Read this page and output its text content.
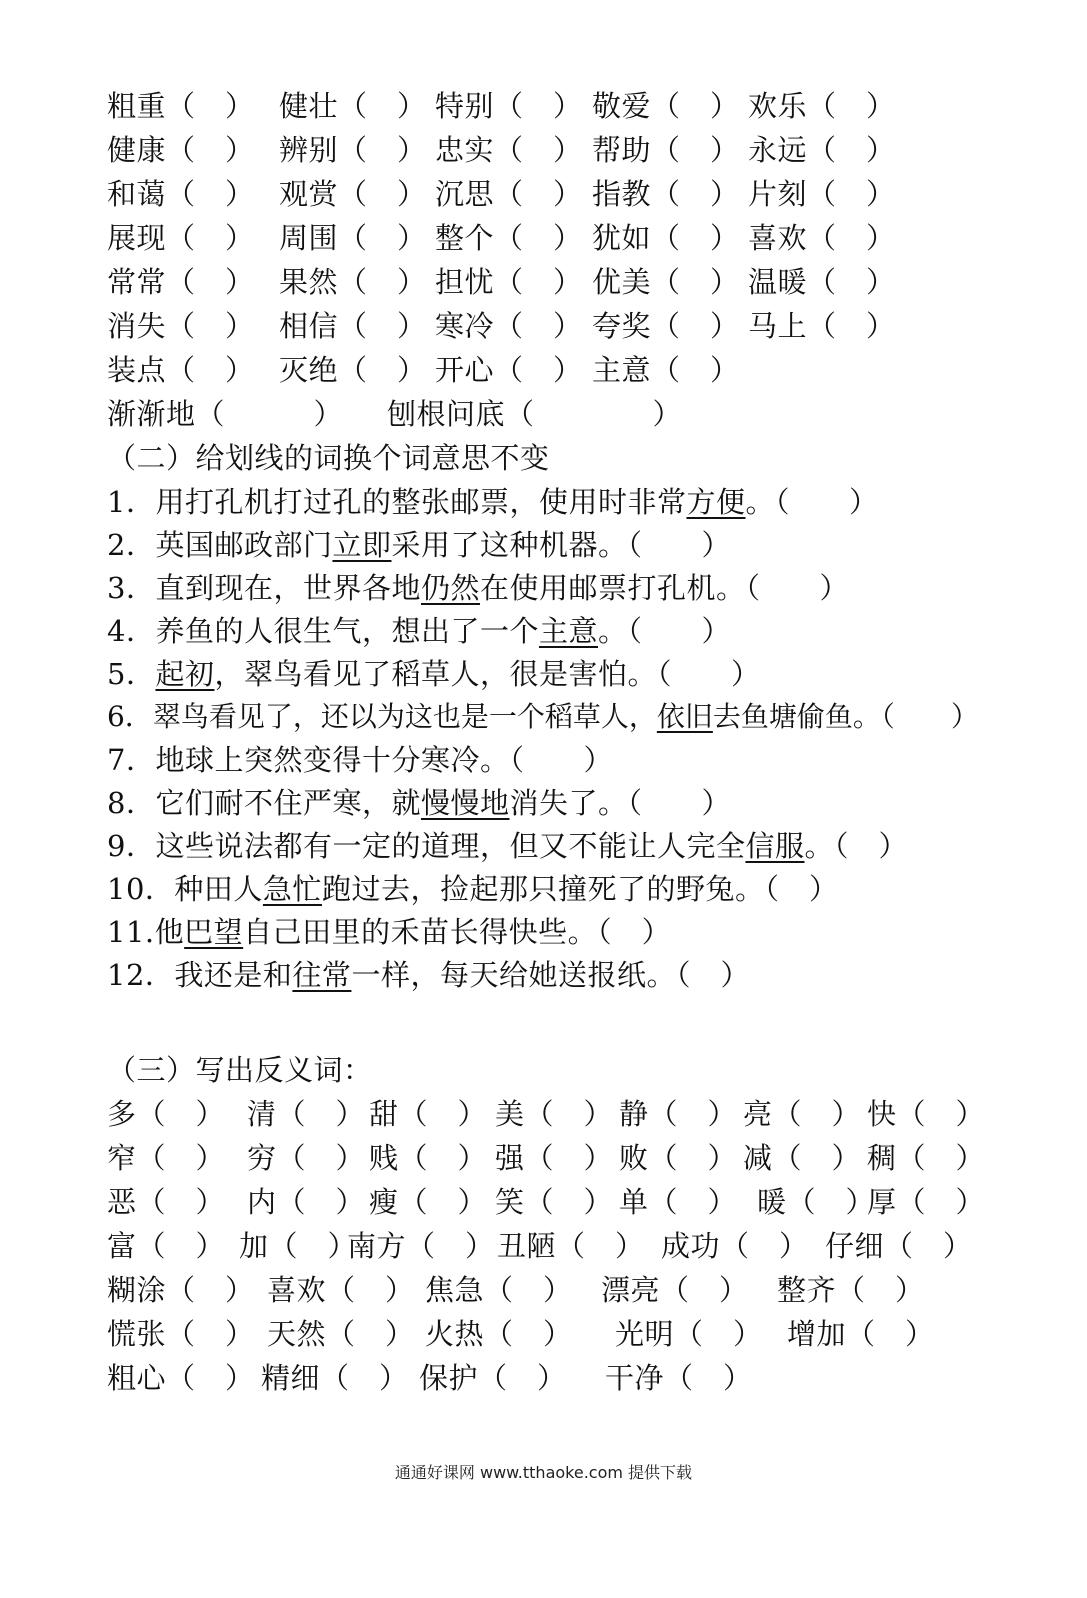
粗重（　）

健壮（　）

特别（　）

敬爱（　）

欢乐（　）

健康（　）

辨别（　）

忠实（　）

帮助（　）

永远（　）

和蔼（　）

观赏（　）

沉思（　）

指教（　）

片刻（　）

展现（　）

周围（　）

整个（　）

犹如（　）

喜欢（　）

常常（　）

果然（　）

担忧（　）

优美（　）

温暖（　）

消失（　）

相信（　）

寒冷（　）

夸奖（　）

马上（　）

装点（　）

灭绝（　）

开心（　）

主意（　）

渐渐地（　　　）

刨根问底（　　　　）

（二）给划线的词换个词意思不变
1．用打孔机打过孔的整张邮票，使用时非常方便。（　　）
2．英国邮政部门立即采用了这种机器。（　　）
3．直到现在，世界各地仍然在使用邮票打孔机。（　　）
4．养鱼的人很生气，想出了一个主意。（　　）
5．起初，翠鸟看见了稻草人，很是害怕。（　　）
6．翠鸟看见了，还以为这也是一个稻草人，依旧去鱼塘偷鱼。（　　）
7．地球上突然变得十分寒冷。（　　）
8．它们耐不住严寒，就慢慢地消失了。（　　）
9．这些说法都有一定的道理，但又不能让人完全信服。（　）
10．种田人急忙跑过去，捡起那只撞死了的野兔。（　）
11.他巴望自己田里的禾苗长得快些。（　）
12．我还是和往常一样，每天给她送报纸。（　）
（三）写出反义词：

多（　）

清（　）

甜（　）

美（　）

静（　）

亮（　）

快（　）

窄（　）

穷（　）

贱（　）

强（　）

败（　）

减（　）

稠（　）

恶（　）

内（　）

瘦（　）

笑（　）

单（　）

暖（　）

厚（　）

富（　）

加（　）

南方（　）

丑陋（　）

成功（　）

仔细（　）

糊涂（　）

喜欢（　）

焦急（　）

漂亮（　）

整齐（　）

慌张（　）

天然（　）

火热（　）

光明（　）

增加（　）

粗心（　）

精细（　）

保护（　）

干净（　）

通通好课网 www.tthaoke.com 提供下载
